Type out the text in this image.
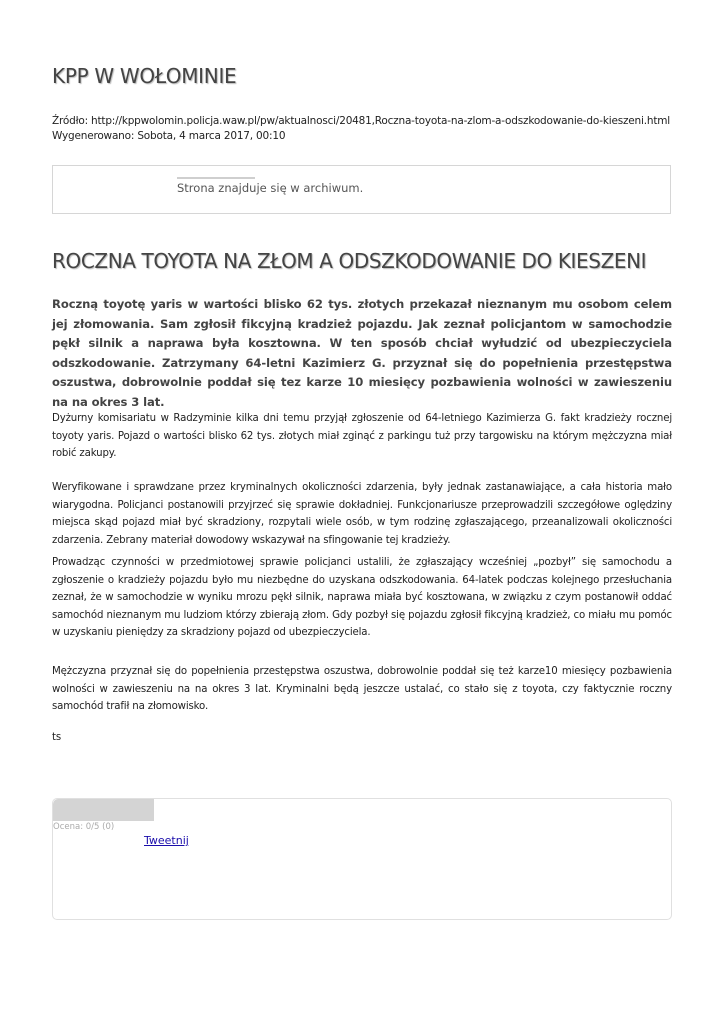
KPP W WOŁOMINIE
Źródło: http://kppwolomin.policja.waw.pl/pw/aktualnosci/20481,Roczna-toyota-na-zlom-a-odszkodowanie-do-kieszeni.html
Wygenerowano: Sobota, 4 marca 2017, 00:10
Strona znajduje się w archiwum.
ROCZNA TOYOTA NA ZŁOM A ODSZKODOWANIE DO KIESZENI

Roczną toyotę yaris w wartości blisko 62 tys. złotych przekazał nieznanym mu osobom celem jej złomowania. Sam zgłosił fikcyjną kradzież pojazdu. Jak zeznał policjantom w samochodzie pękł silnik a naprawa była kosztowna. W ten sposób chciał wyłudzić od ubezpieczyciela odszkodowanie. Zatrzymany 64-letni Kazimierz G. przyznał się do popełnienia przestępstwa oszustwa, dobrowolnie poddał się tez karze 10 miesięcy pozbawienia wolności w zawieszeniu na na okres 3 lat.

Dyżurny komisariatu w Radzyminie kilka dni temu przyjął zgłoszenie od 64-letniego Kazimierza G. fakt kradzieży rocznej toyoty yaris. Pojazd o wartości blisko 62 tys. złotych miał zginąć z parkingu tuż przy targowisku na którym mężczyzna miał robić zakupy.

Weryfikowane i sprawdzane przez kryminalnych okoliczności zdarzenia, były jednak zastanawiające, a cała historia mało wiarygodna. Policjanci postanowili przyjrzeć się sprawie dokładniej. Funkcjonariusze przeprowadzili szczegółowe oględziny miejsca skąd pojazd miał być skradziony, rozpytali wiele osób, w tym rodzinę zgłaszającego, przeanalizowali okoliczności zdarzenia. Zebrany materiał dowodowy wskazywał na sfingowanie tej kradzieży.

Prowadząc czynności w przedmiotowej sprawie policjanci ustalili, że zgłaszający wcześniej „pozbył” się samochodu a zgłoszenie o kradzieży pojazdu było mu niezbędne do uzyskana odszkodowania. 64-latek podczas kolejnego przesłuchania zeznał, że w samochodzie w wyniku mrozu pękł silnik, naprawa miała być kosztowana, w związku z czym postanowił oddać samochód nieznanym mu ludziom którzy zbierają złom. Gdy pozbył się pojazdu zgłosił fikcyjną kradzież, co miału mu pomóc w uzyskaniu pieniędzy za skradziony pojazd od ubezpieczyciela.

Mężczyzna przyznał się do popełnienia przestępstwa oszustwa, dobrowolnie poddał się też karze10 miesięcy pozbawienia wolności w zawieszeniu na na okres 3 lat. Kryminalni będą jeszcze ustalać, co stało się z toyota, czy faktycznie roczny samochód trafił na złomowisko.

ts

Ocena: 0/5 (0)
Tweetnij
